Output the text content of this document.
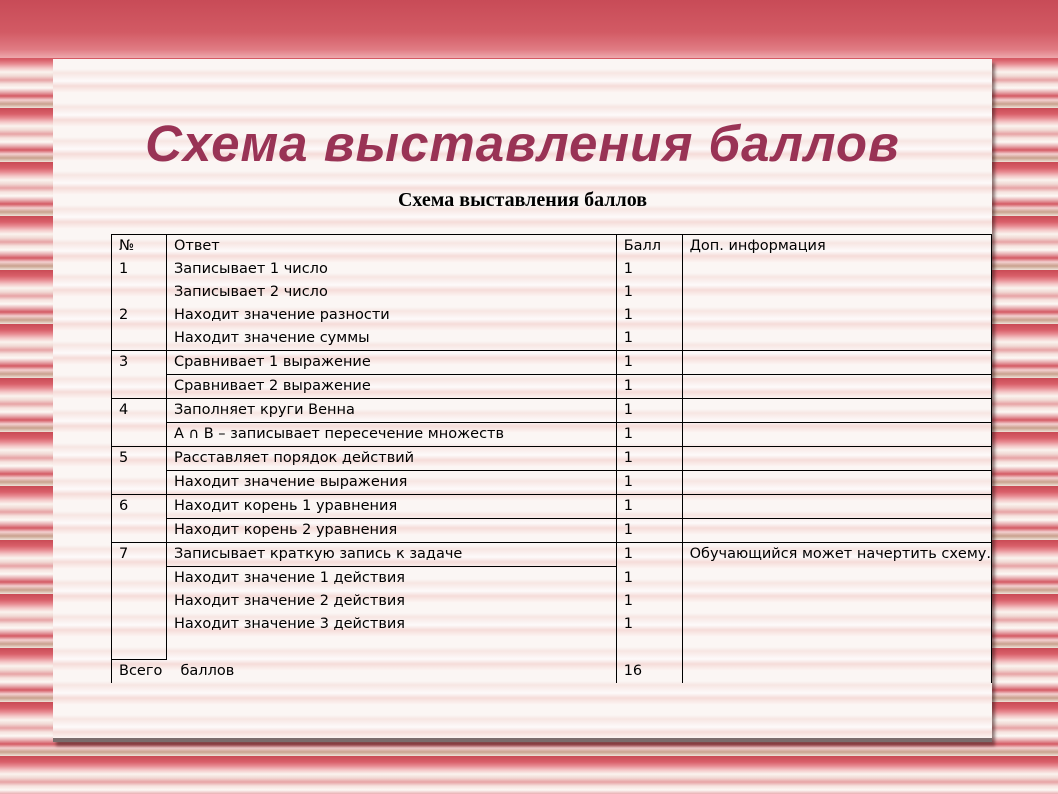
Схема выставления баллов
Схема выставления баллов
№	Ответ	Балл	Доп. информация
1	Записывает 1 число	1	
	Записывает 2 число	1	
2	Находит значение разности	1	
	Находит значение суммы	1	
3	Сравнивает 1 выражение	1	
	Сравнивает 2 выражение	1	
4	Заполняет круги Венна	1	
	А ∩ В – записывает пересечение множеств	1	
5	Расставляет порядок действий	1	
	Находит значение выражения	1	
6	Находит корень 1 уравнения	1	
	Находит корень 2 уравнения	1	
7	Записывает краткую запись к задаче	1	Обучающийся может начертить схему.
	Находит значение 1 действия	1	
	Находит значение 2 действия	1	
	Находит значение 3 действия	1	

Всего	баллов	16	
